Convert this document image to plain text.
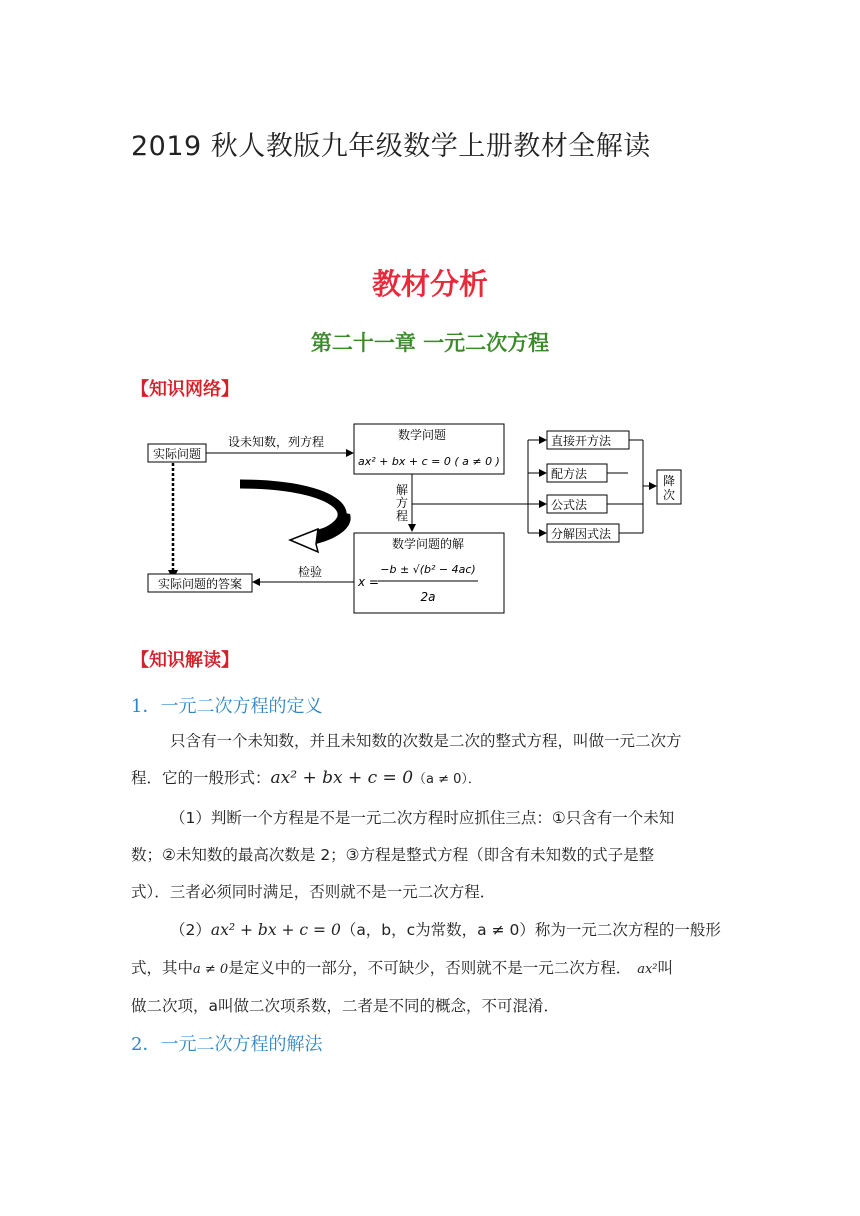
2019 秋人教版九年级数学上册教材全解读
教材分析
第二十一章 一元二次方程
【知识网络】
实际问题
设未知数，列方程	数学问题
ax² + bx + c = 0 ( a ≠ 0 )
解
方
程
直接开方法
配方法
公式法
分解因式法
降
次
数学问题的解
x =
−b ± √(b² − 4ac)
2a
检验
实际问题的答案
【知识解读】
1．一元二次方程的定义
只含有一个未知数，并且未知数的次数是二次的整式方程，叫做一元二次方
程．它的一般形式：ax² + bx + c = 0（a ≠ 0）．
（1）判断一个方程是不是一元二次方程时应抓住三点：①只含有一个未知
数；②未知数的最高次数是 2；③方程是整式方程（即含有未知数的式子是整
式）．三者必须同时满足，否则就不是一元二次方程．
（2）ax² + bx + c = 0（a，b，c为常数，a ≠ 0）称为一元二次方程的一般形
式，其中a ≠ 0是定义中的一部分，不可缺少，否则就不是一元二次方程． ax²叫
做二次项，a叫做二次项系数，二者是不同的概念，不可混淆．
2．一元二次方程的解法
